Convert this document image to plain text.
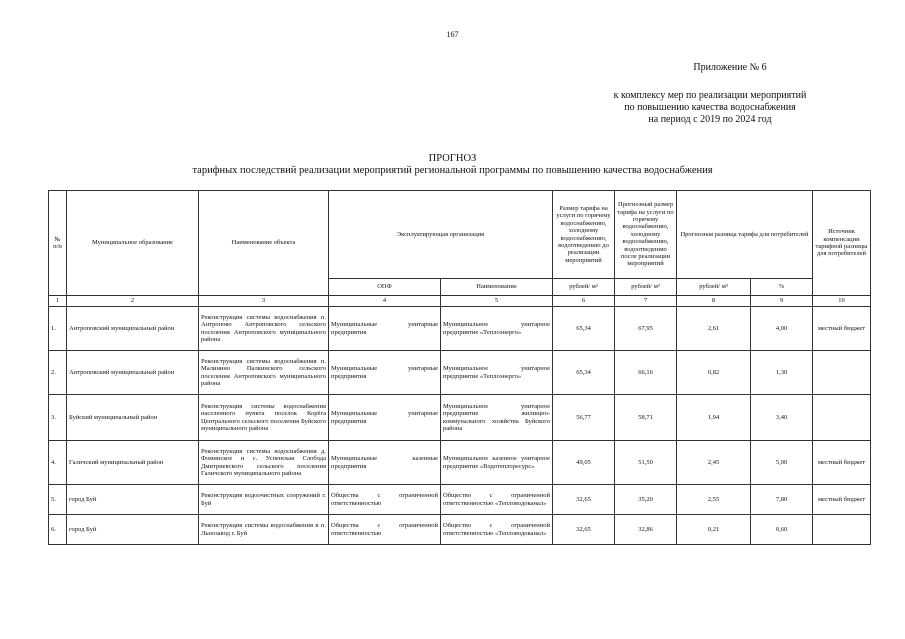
167
Приложение № 6
к комплексу мер по реализации мероприятий
по повышению качества водоснабжения
на период с 2019 по 2024 год
ПРОГНОЗ
тарифных последствий реализации мероприятий региональной программы по повышению качества водоснабжения
№ п/п	Муниципальное образование	Наименование объекта	Эксплуатирующая организация		Размер тарифа на услуги по горячему водоснабжению, холодному водоснабжению, водоотведению до реализации мероприятий	Прогнозный размер тарифа на услуги по горячему водоснабжению, холодному водоснабжению, водоотведению после реализации мероприятий	Прогнозная разница тарифа для потребителей		Источник компенсации тарифной разницы для потребителей
			ОПФ	Наименование	рублей/ м³	рублей/ м³	рублей/ м³	%	
1	2	3	4	5	6	7	8	9	10
1.	Антроповский муниципальный район	Реконструкция системы водоснабжения п. Антропово Антроповского сельского поселения Антроповского муниципального района	Муниципальные унитарные предприятия	Муниципальное унитарное предприятие «Теплоэнерго»	65,34	67,95	2,61	4,00	местный бюджет
2.	Антроповский муниципальный район	Реконструкция системы водоснабжения п. Малинино Палкинского сельского поселения Антроповского муниципального района	Муниципальные унитарные предприятия	Муниципальное унитарное предприятие «Теплоэнерго»	65,34	66,16	0,82	1,30	
3.	Буйский муниципальный район	Реконструкция системы водоснабжения населенного пункта поселок Корёга Центрального сельского поселения Буйского муниципального района	Муниципальные унитарные предприятия	Муниципальное унитарное предприятие жилищно-коммунального хозяйства Буйского района	56,77	58,71	1,94	3,40	
4.	Галичский муниципальный район	Реконструкция системы водоснабжения д. Фоминское и с. Успенская Слобода Дмитриевского сельского поселения Галичского муниципального района	Муниципальные казенные предприятия	Муниципальное казенное унитарное предприятие «Водотеплоресурс»	49,05	51,50	2,45	5,00	местный бюджет
5.	город Буй	Реконструкция водоочистных сооружений г. Буй	Общества с ограниченной ответственностью	Общество с ограниченной ответственностью «Тепловодоканал»	32,65	35,20	2,55	7,80	местный бюджет
6.	город Буй	Реконструкция системы водоснабжения в п. Льнозавод г. Буй	Общества с ограниченной ответственностью	Общество с ограниченной ответственностью «Тепловодоканал»	32,65	32,86	0,21	0,60	
